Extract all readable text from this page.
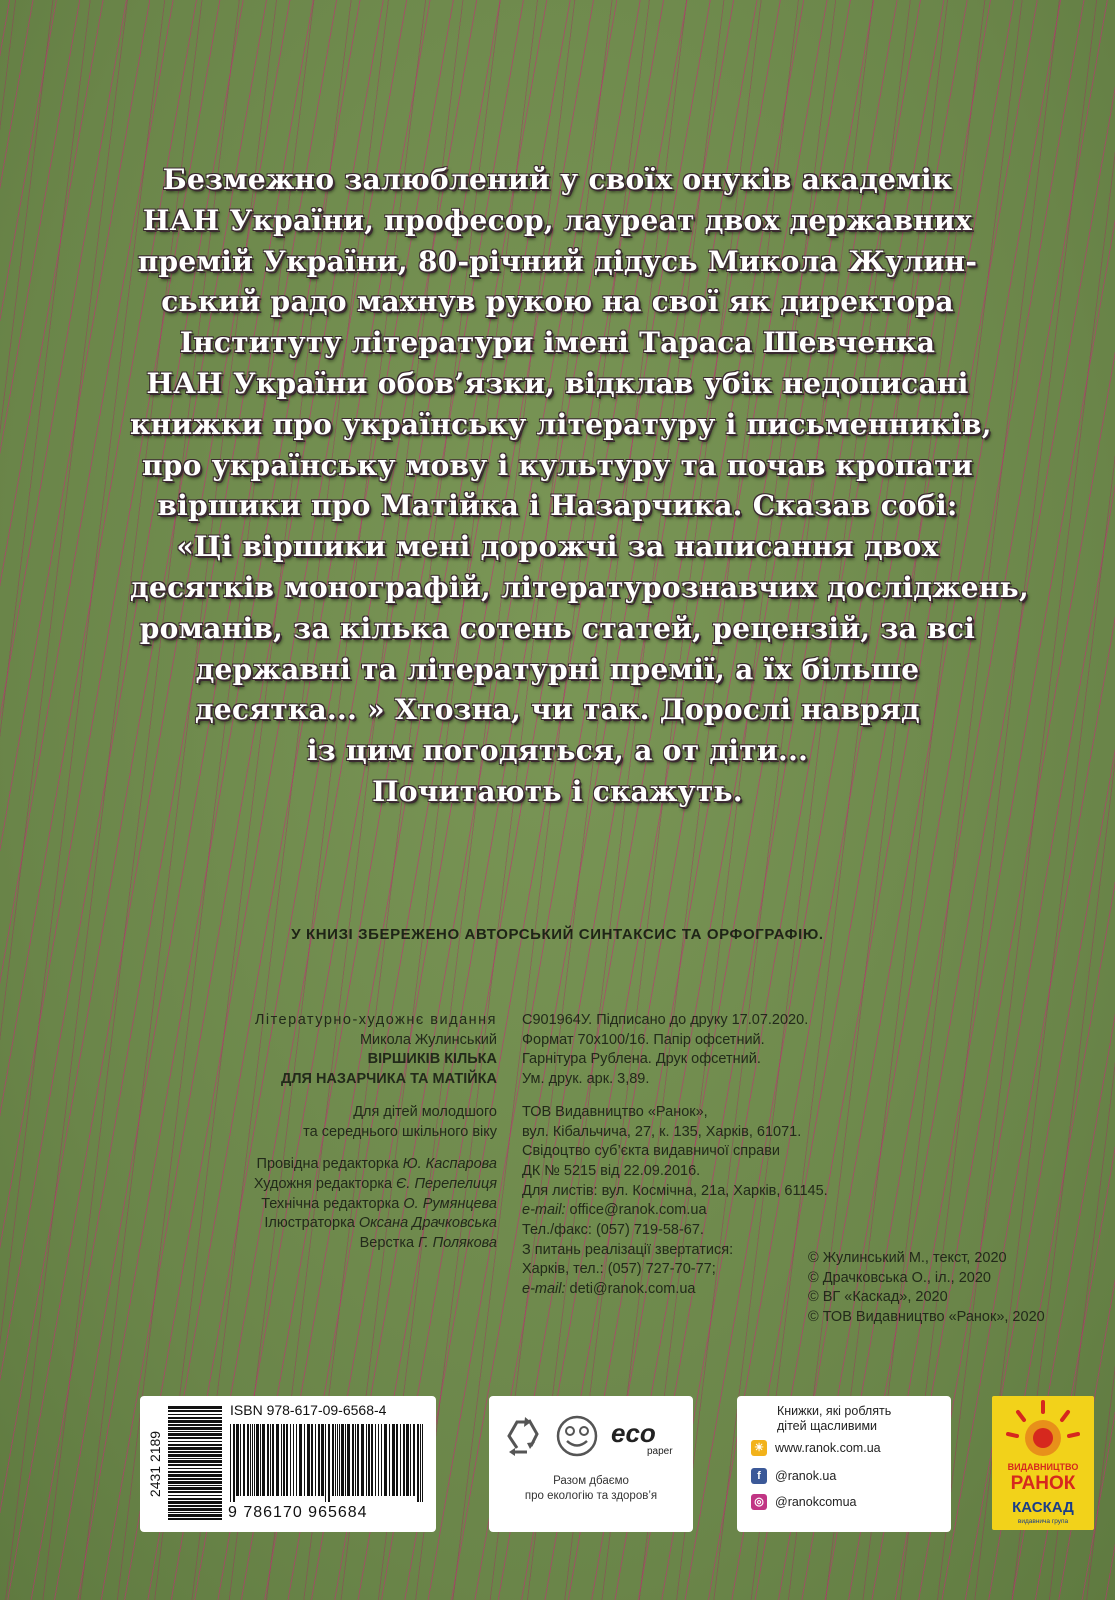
Безмежно залюблений у своїх онуків академік
НАН України, професор, лауреат двох державних
премій України, 80-річний дідусь Микола Жулин-
ський радо махнув рукою на свої як директора
Інституту літератури імені Тараса Шевченка
НАН України обов’язки, відклав убік недописані
книжки про українську літературу і письменників,
про українську мову і культуру та почав кропати
віршики про Матійка і Назарчика. Сказав собі:
«Ці віршики мені дорожчі за написання двох
десятків монографій, літературознавчих досліджень,
романів, за кілька сотень статей, рецензій, за всі
державні та літературні премії, а їх більше
десятка... » Хтозна, чи так. Дорослі навряд
із цим погодяться, а от діти...
Почитають і скажуть.
У КНИЗІ ЗБЕРЕЖЕНО АВТОРСЬКИЙ СИНТАКСИС ТА ОРФОГРАФІЮ.
Літературно-художнє видання
Микола Жулинський
ВІРШИКІВ КІЛЬКА
ДЛЯ НАЗАРЧИКА ТА МАТІЙКА
Для дітей молодшого
та середнього шкільного віку
Провідна редакторка Ю. Каспарова
Художня редакторка Є. Перепелиця
Технічна редакторка О. Румянцева
Ілюстраторка Оксана Драчковська
Верстка Г. Полякова
С901964У. Підписано до друку 17.07.2020.
Формат 70х100/16. Папір офсетний.
Гарнітура Рублена. Друк офсетний.
Ум. друк. арк. 3,89.
ТОВ Видавництво «Ранок»,
вул. Кібальчича, 27, к. 135, Харків, 61071.
Свідоцтво суб’єкта видавничої справи
ДК № 5215 від 22.09.2016.
Для листів: вул. Космічна, 21а, Харків, 61145.
e-mail: office@ranok.com.ua
Тел./факс: (057) 719-58-67.
З питань реалізації звертатися:
Харків, тел.: (057) 727-70-77;
e-mail: deti@ranok.com.ua
© Жулинський М., текст, 2020
© Драчковська О., іл., 2020
© ВГ «Каскад», 2020
© ТОВ Видавництво «Ранок», 2020
2431 2189
ISBN 978-617-09-6568-4
9 786170 965684
eco
paper
Разом дбаємо
про екологію та здоров’я
Книжки, які роблять
дітей щасливими
☀ www.ranok.com.ua
f	@ranok.ua
◎ @ranokcomua
ВИДАВНИЦТВО
РАНОК
КАСКАД
видавнича група
